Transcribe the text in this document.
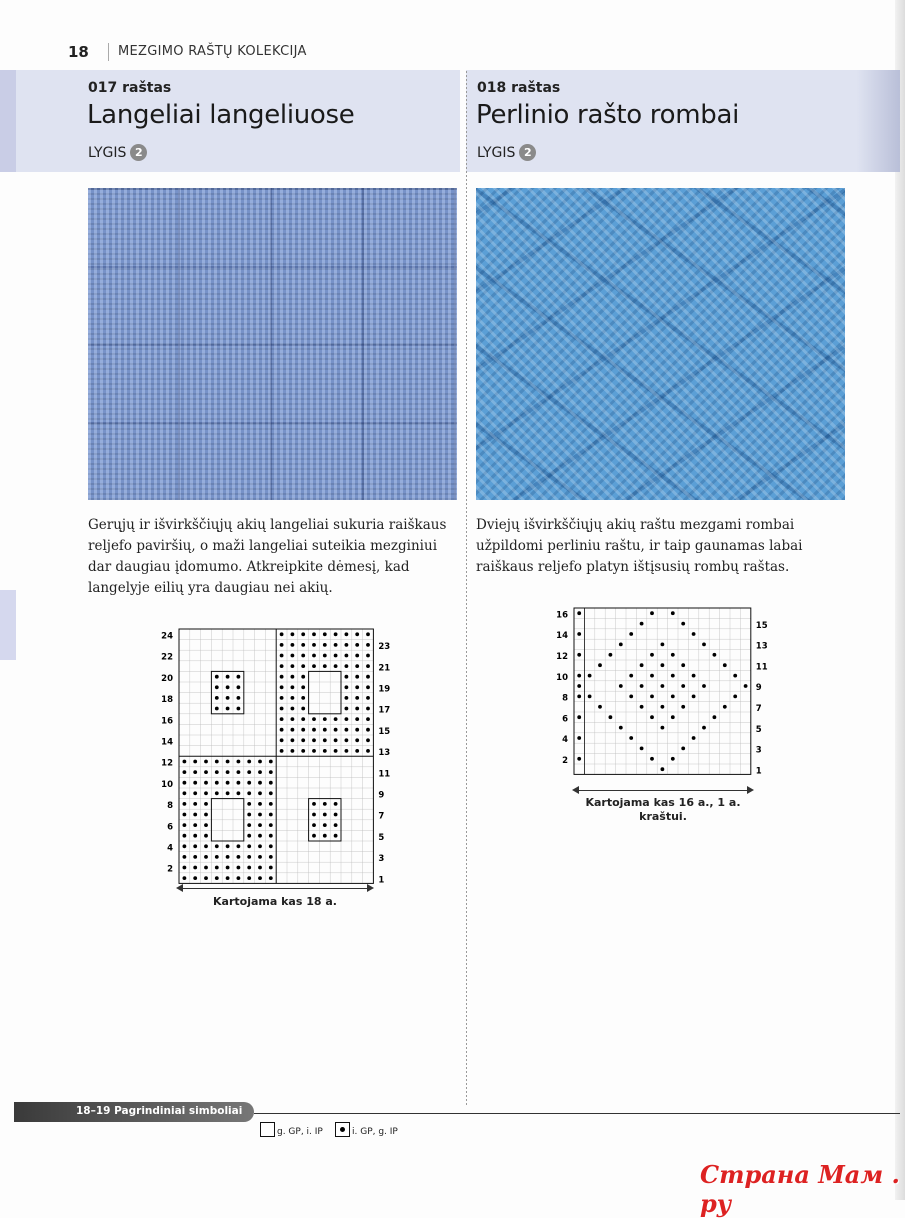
18 MEZGIMO RAŠTŲ KOLEKCIJA
017 raštas
Langeliai langeliuose
LYGIS 2
018 raštas
Perlinio rašto rombai
LYGIS 2
Gerųjų ir išvirkščiųjų akių langeliai sukuria raiškaus reljefo paviršių, o maži langeliai suteikia mezginiui dar daugiau įdomumo. Atkreipkite dėmesį, kad langelyje eilių yra daugiau nei akių.
Dviejų išvirkščiųjų akių raštu mezgami rombai užpildomi perliniu raštu, ir taip gaunamas labai raiškaus reljefo platyn ištįsusių rombų raštas.
24
22
20
18
16
14
12
10
8
6
4
2
23
21
19
17
15
13
11
9
7
5
3
1
Kartojama kas 18 a.
16
14
12
10
8
6
4
2
15
13
11
9
7
5
3
1
Kartojama kas 16 a., 1 a. kraštui.
18–19 Pagrindiniai simboliai
g. GP, i. IP	i. GP, g. IP
Страна Мам . ру
